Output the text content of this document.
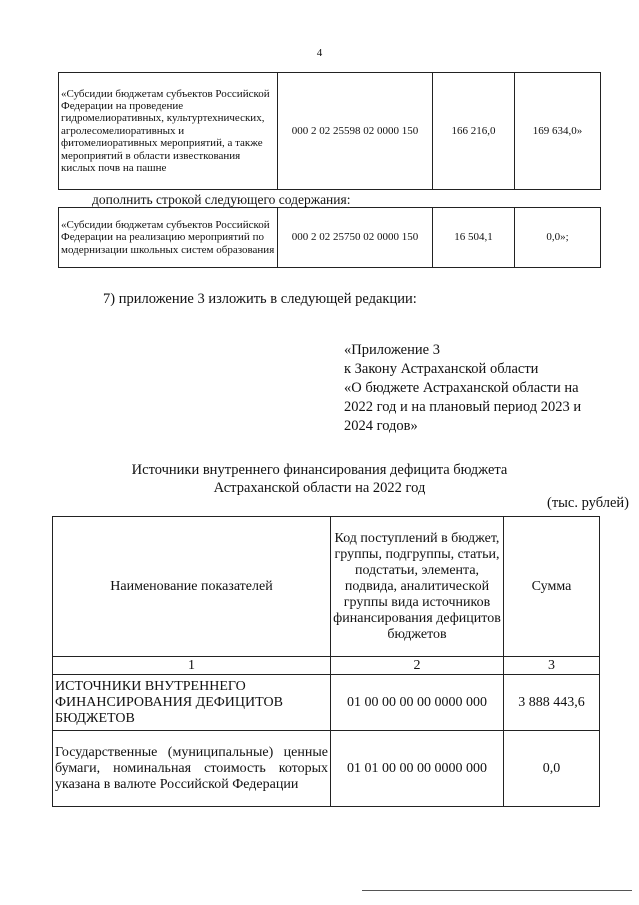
4
«Субсидии бюджетам субъектов Российской Федерации на проведение гидромелиоративных, культуртехнических, агролесомелиоративных и фитомелиоративных мероприятий, а также мероприятий в области известкования кислых почв на пашне	000 2 02 25598 02 0000 150	166 216,0	169 634,0»

«Субсидии бюджетам субъектов Российской Федерации на реализацию мероприятий по модернизации школьных систем образования	000 2 02 25750 02 0000 150	16 504,1	0,0»;
дополнить строкой следующего содержания:
7) приложение 3 изложить в следующей редакции:
«Приложение 3
к Закону Астраханской области
«О бюджете Астраханской области на
2022 год и на плановый период 2023 и
2024 годов»
Источники внутреннего финансирования дефицита бюджета
Астраханской области на 2022 год
(тыс. рублей)
Наименование показателей	Код поступлений в бюджет, группы, подгруппы, статьи, подстатьи, элемента, подвида, аналитической группы вида источников финансирования дефицитов бюджетов	Сумма
1	2	3
ИСТОЧНИКИ ВНУТРЕННЕГО ФИНАНСИРОВАНИЯ ДЕФИЦИТОВ БЮДЖЕТОВ	01 00 00 00 00 0000 000	3 888 443,6
Государственные (муниципальные) ценные бумаги, номинальная стоимость которых указана в валюте Российской Федерации	01 01 00 00 00 0000 000	0,0
